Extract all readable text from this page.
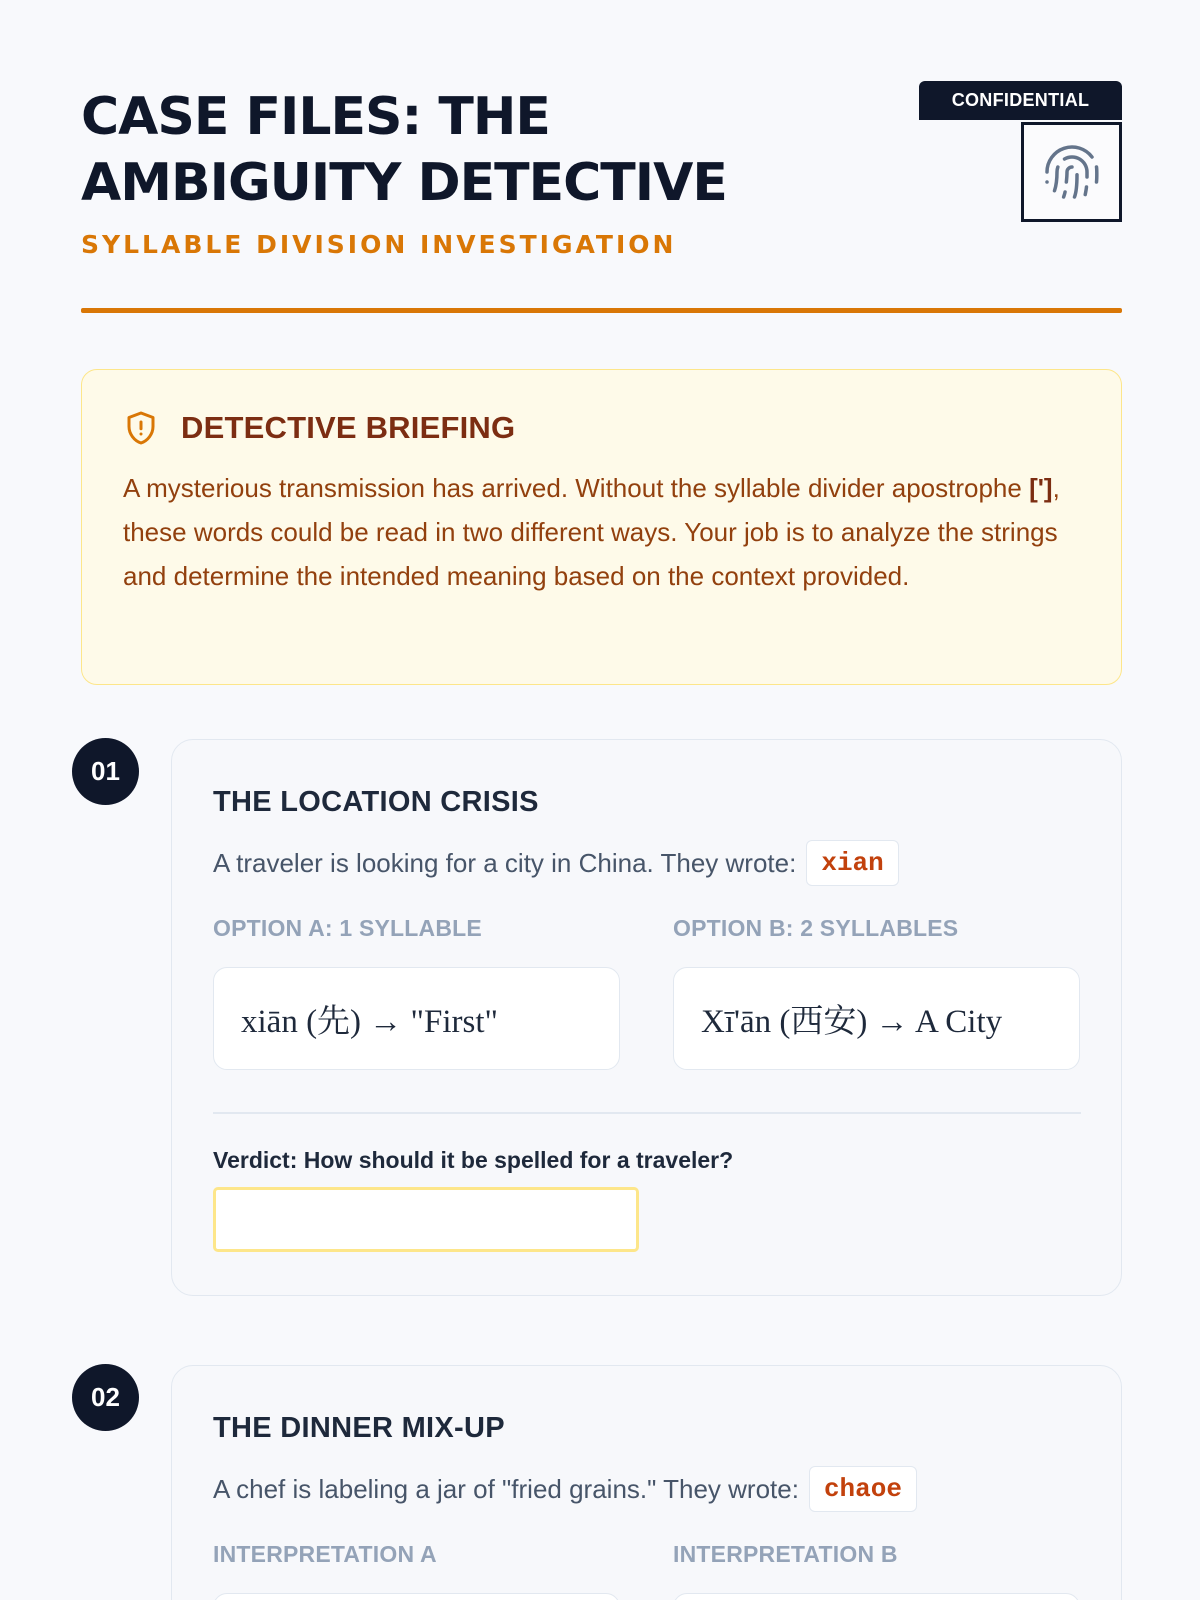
CASE FILES: THE AMBIGUITY DETECTIVE
SYLLABLE DIVISION INVESTIGATION
CONFIDENTIAL
DETECTIVE BRIEFING

A mysterious transmission has arrived. Without the syllable divider apostrophe ['], these words could be read in two different ways. Your job is to analyze the strings and determine the intended meaning based on the context provided.

01
THE LOCATION CRISIS
A traveler is looking for a city in China. They wrote: xian
OPTION A: 1 SYLLABLE	OPTION B: 2 SYLLABLES
xiān (先) → "First"	Xī'ān (西安) → A City
Verdict: How should it be spelled for a traveler?
02
THE DINNER MIX-UP
A chef is labeling a jar of "fried grains." They wrote: chaoe
INTERPRETATION A	INTERPRETATION B
